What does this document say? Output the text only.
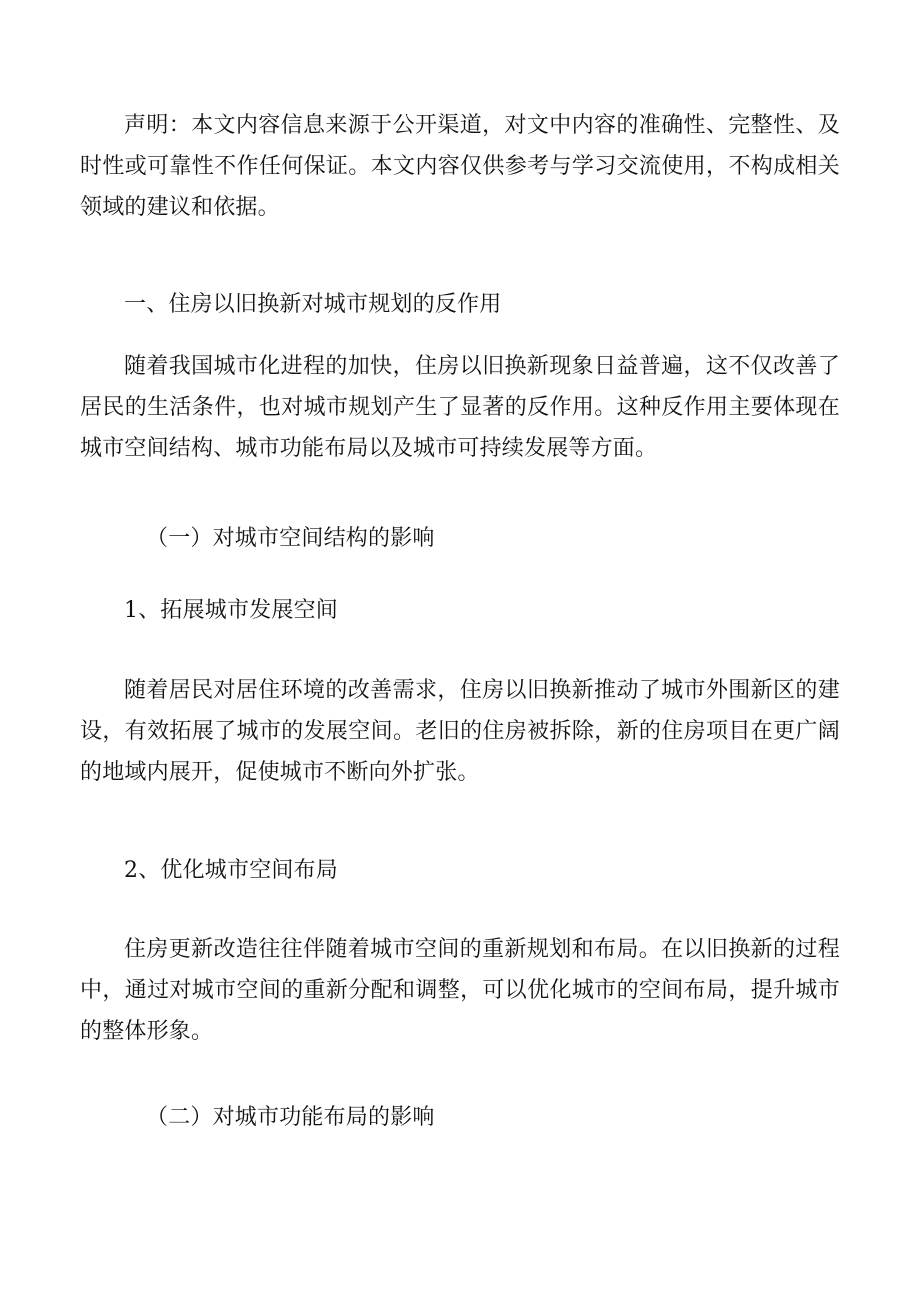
声明：本文内容信息来源于公开渠道，对文中内容的准确性、完整性、及时性或可靠性不作任何保证。本文内容仅供参考与学习交流使用，不构成相关领域的建议和依据。

一、住房以旧换新对城市规划的反作用

随着我国城市化进程的加快，住房以旧换新现象日益普遍，这不仅改善了居民的生活条件，也对城市规划产生了显著的反作用。这种反作用主要体现在城市空间结构、城市功能布局以及城市可持续发展等方面。

（一）对城市空间结构的影响

1、拓展城市发展空间

随着居民对居住环境的改善需求，住房以旧换新推动了城市外围新区的建设，有效拓展了城市的发展空间。老旧的住房被拆除，新的住房项目在更广阔的地域内展开，促使城市不断向外扩张。

2、优化城市空间布局

住房更新改造往往伴随着城市空间的重新规划和布局。在以旧换新的过程中，通过对城市空间的重新分配和调整，可以优化城市的空间布局，提升城市的整体形象。

（二）对城市功能布局的影响
